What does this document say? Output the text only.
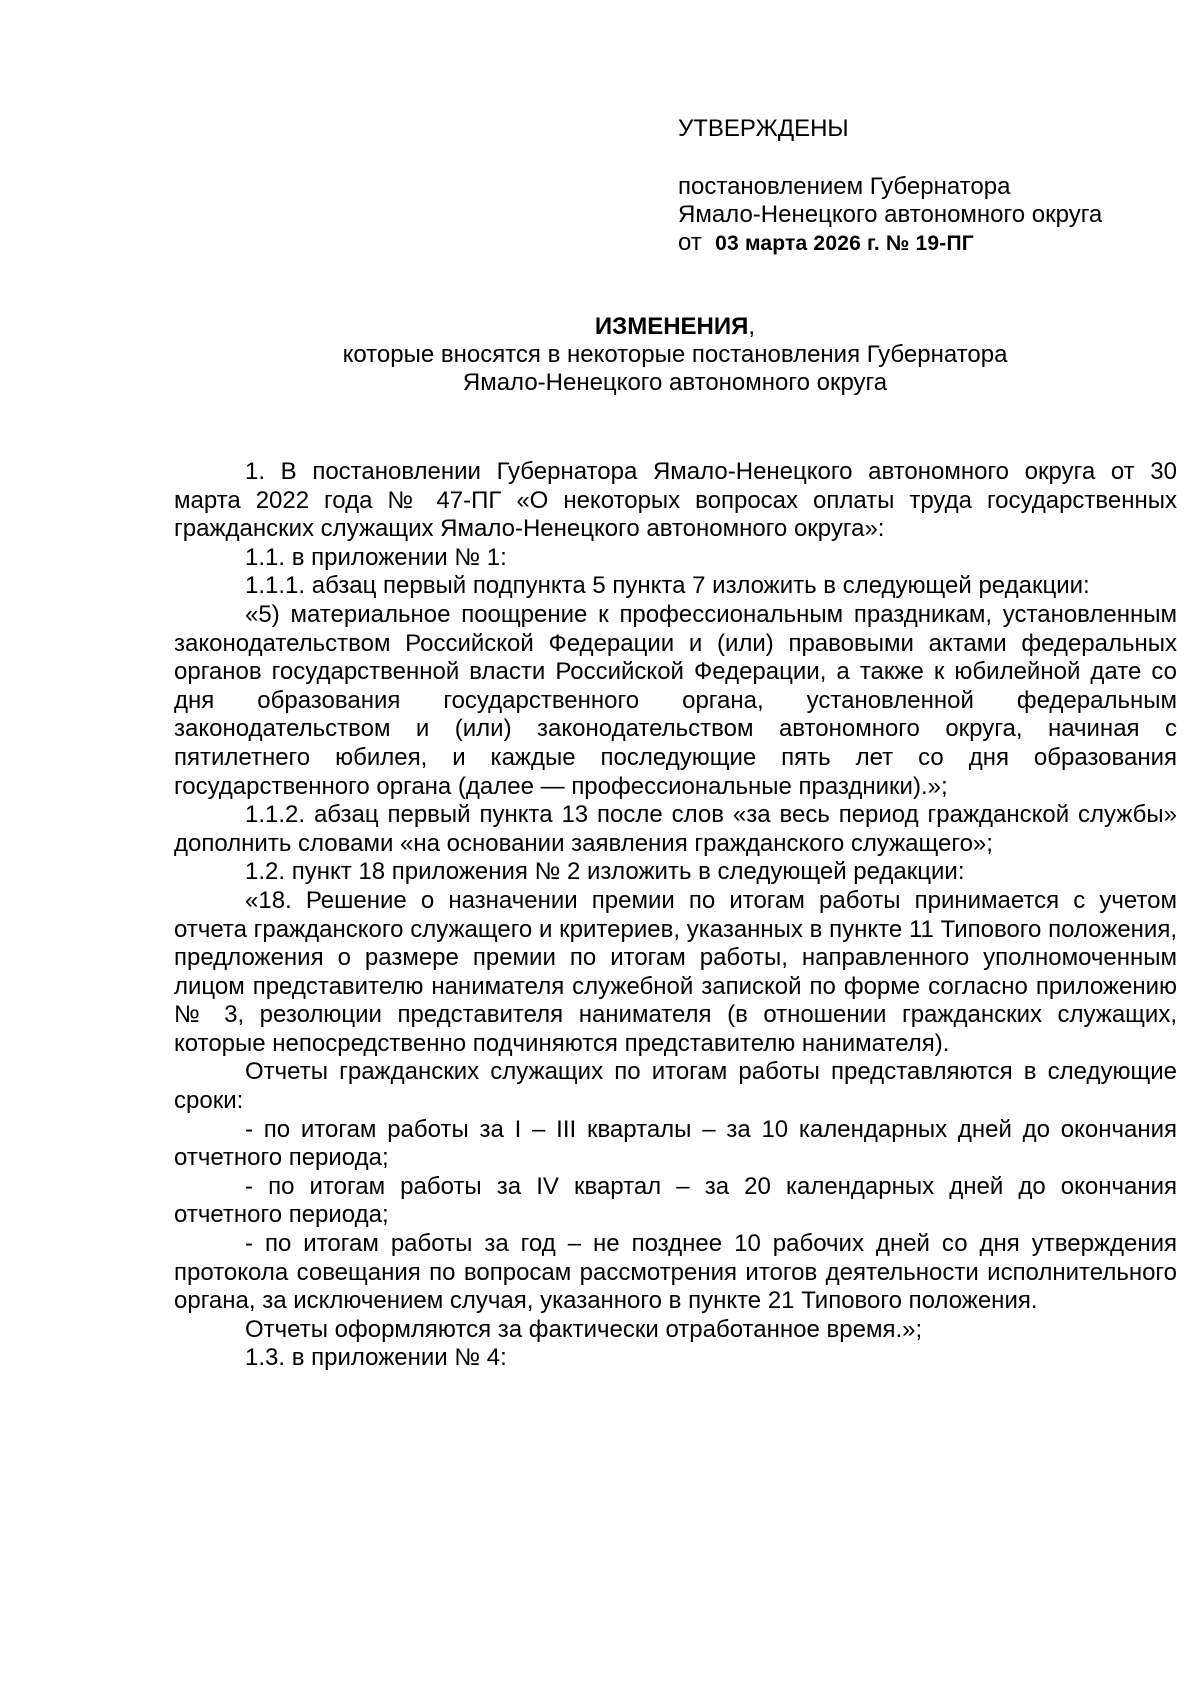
УТВЕРЖДЕНЫ
постановлением Губернатора
Ямало-Ненецкого автономного округа
от 03 марта 2026 г. № 19-ПГ
ИЗМЕНЕНИЯ,
которые вносятся в некоторые постановления Губернатора
Ямало-Ненецкого автономного округа

1. В постановлении Губернатора Ямало-Ненецкого автономного округа от 30 марта 2022 года № 47-ПГ «О некоторых вопросах оплаты труда государственных гражданских служащих Ямало-Ненецкого автономного округа»:

1.1. в приложении № 1:

1.1.1. абзац первый подпункта 5 пункта 7 изложить в следующей редакции:

«5) материальное поощрение к профессиональным праздникам, установленным законодательством Российской Федерации и (или) правовыми актами федеральных органов государственной власти Российской Федерации, а также к юбилейной дате со дня образования государственного органа, установленной федеральным законодательством и (или) законодательством автономного округа, начиная с пятилетнего юбилея, и каждые последующие пять лет со дня образования государственного органа (далее — профессиональные праздники).»;

1.1.2. абзац первый пункта 13 после слов «за весь период гражданской службы» дополнить словами «на основании заявления гражданского служащего»;

1.2. пункт 18 приложения № 2 изложить в следующей редакции:

«18. Решение о назначении премии по итогам работы принимается с учетом отчета гражданского служащего и критериев, указанных в пункте 11 Типового положения, предложения о размере премии по итогам работы, направленного уполномоченным лицом представителю нанимателя служебной запиской по форме согласно приложению № 3, резолюции представителя нанимателя (в отношении гражданских служащих, которые непосредственно подчиняются представителю нанимателя).

Отчеты гражданских служащих по итогам работы представляются в следующие сроки:

- по итогам работы за I – III кварталы – за 10 календарных дней до окончания отчетного периода;

- по итогам работы за IV квартал – за 20 календарных дней до окончания отчетного периода;

- по итогам работы за год – не позднее 10 рабочих дней со дня утверждения протокола совещания по вопросам рассмотрения итогов деятельности исполнительного органа, за исключением случая, указанного в пункте 21 Типового положения.

Отчеты оформляются за фактически отработанное время.»;

1.3. в приложении № 4:
